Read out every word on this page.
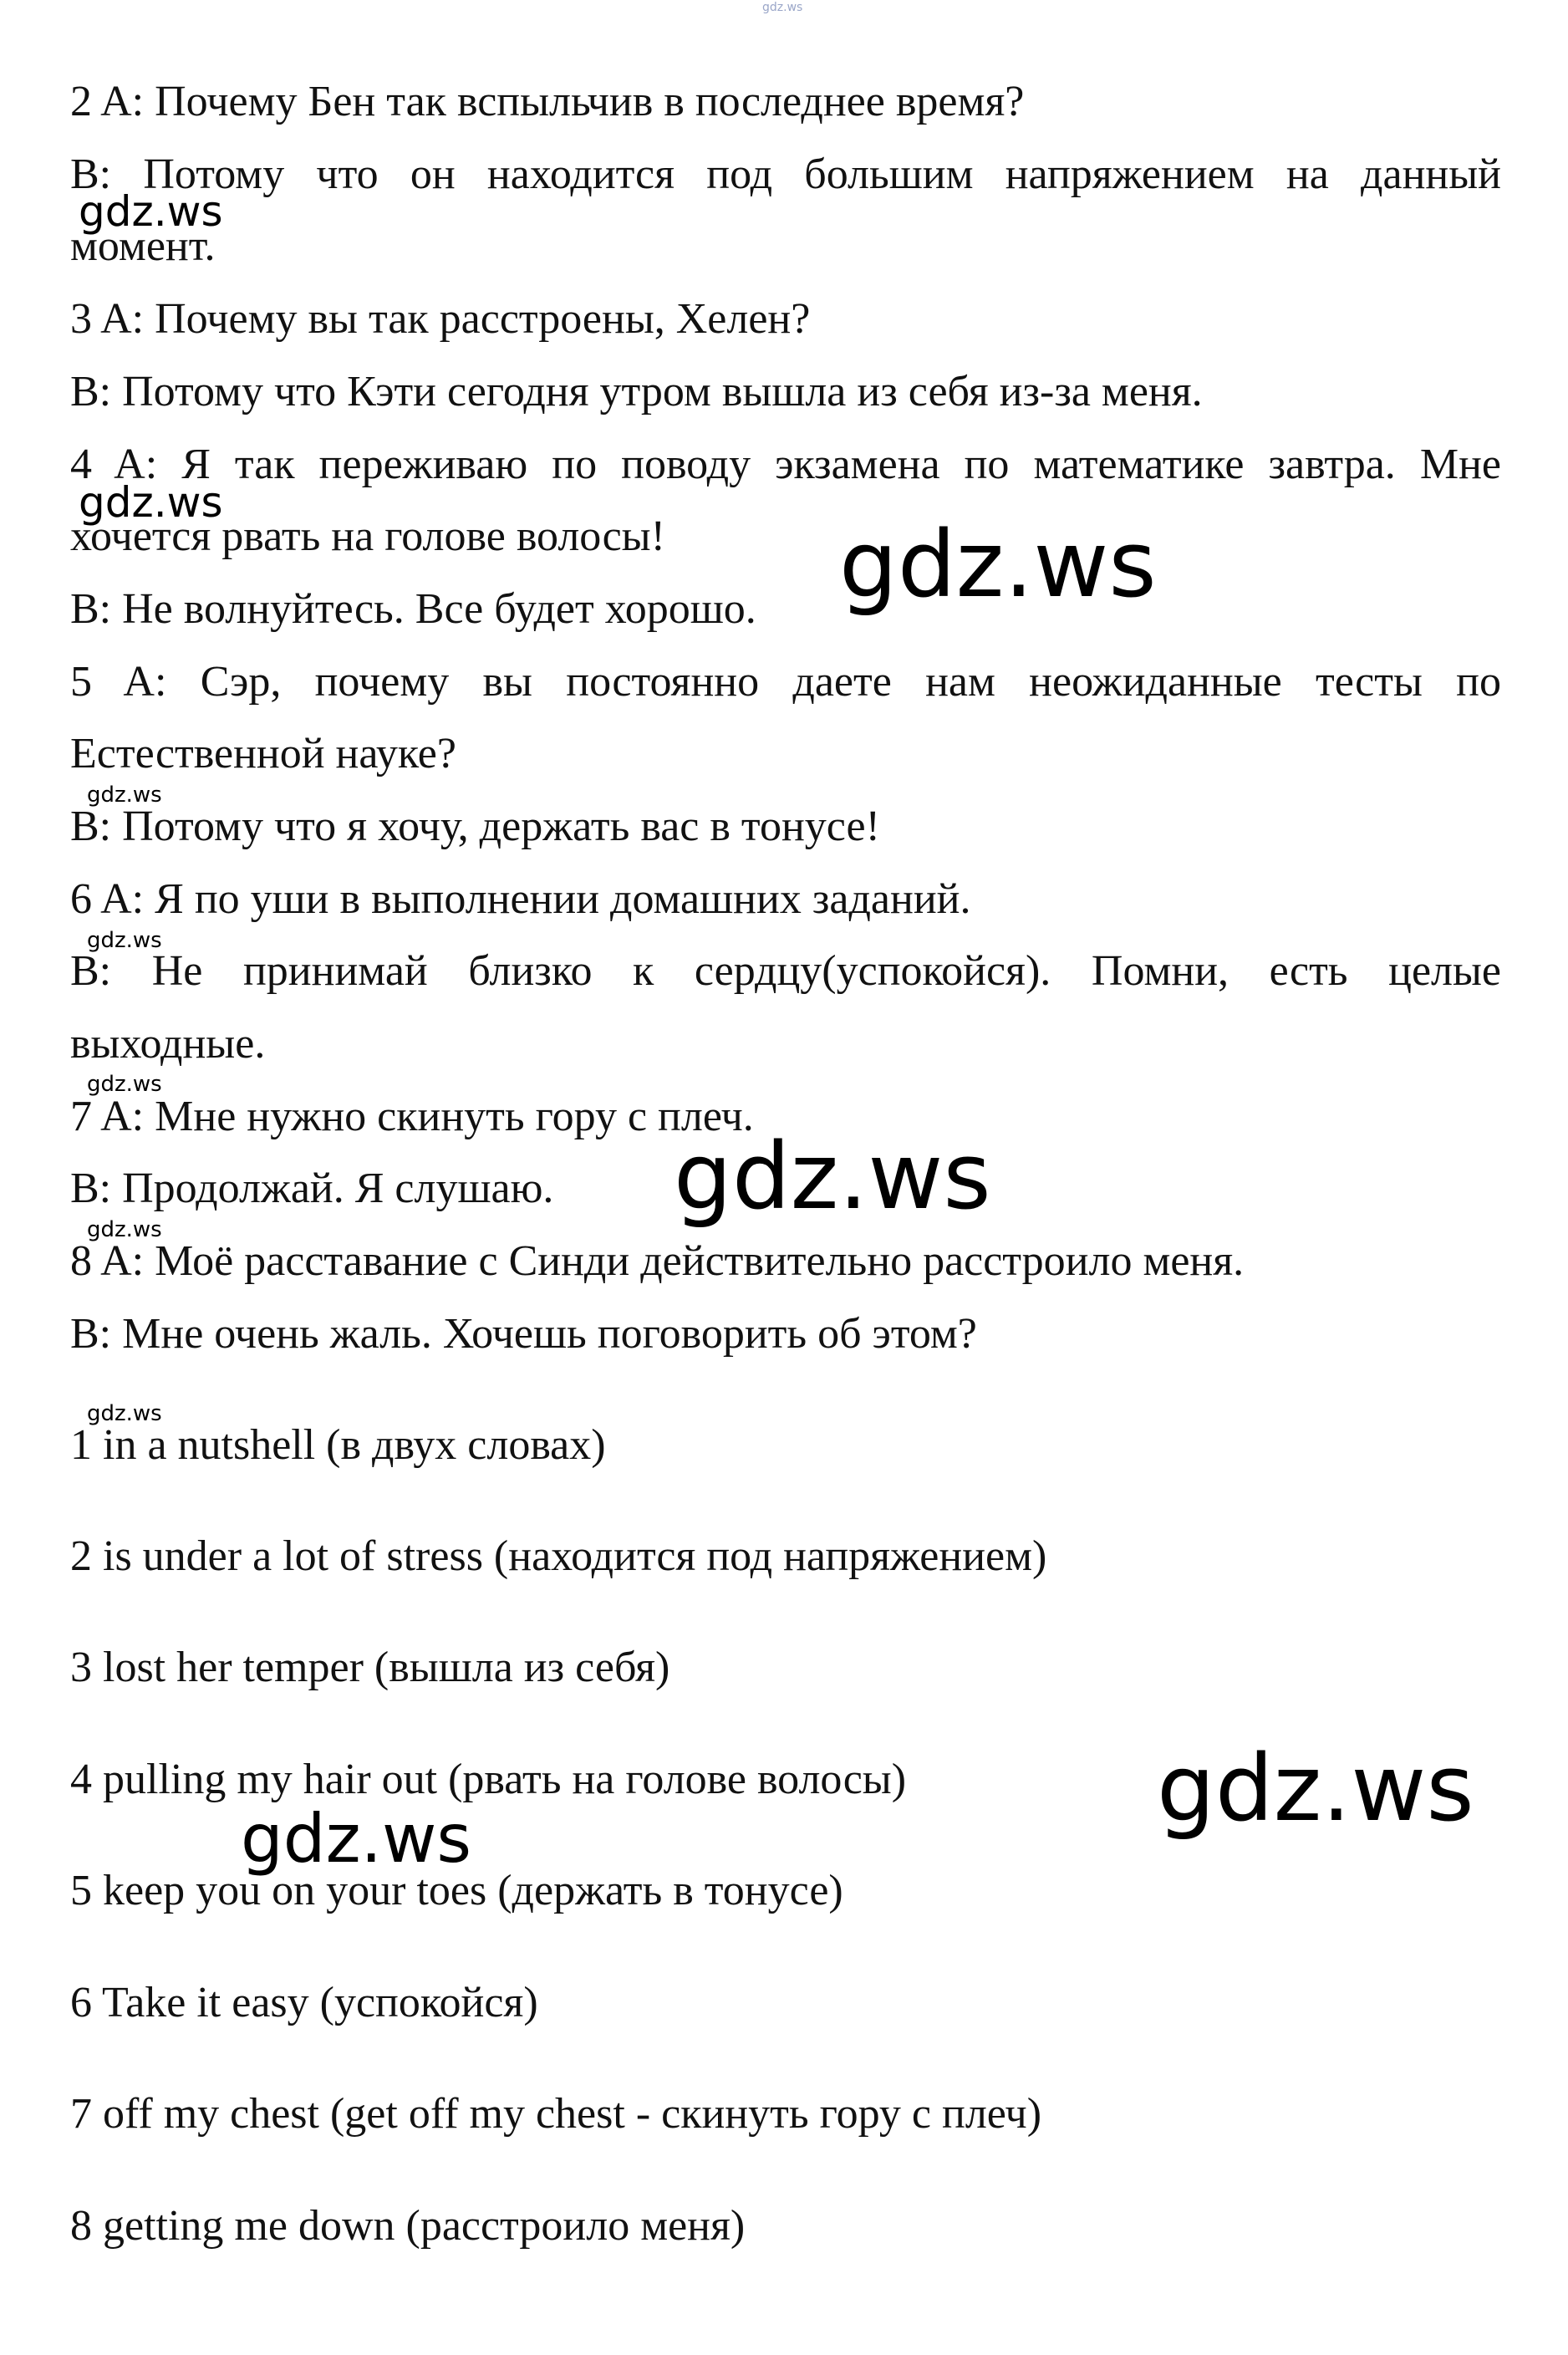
gdz.ws
gdz.ws
gdz.ws
gdz.ws
gdz.ws
gdz.ws
gdz.ws
gdz.ws
gdz.ws
gdz.ws
gdz.ws
gdz.ws
2 A: Почему Бен так вспыльчив в последнее время?
B: Потому что он находится под большим напряжением на данный
момент.
3 A: Почему вы так расстроены, Хелен?
B: Потому что Кэти сегодня утром вышла из себя из-за меня.
4 A: Я так переживаю по поводу экзамена по математике завтра. Мне
хочется рвать на голове волосы!
B: Не волнуйтесь. Все будет хорошо.
5 A: Сэр, почему вы постоянно даете нам неожиданные тесты по
Естественной науке?
B: Потому что я хочу, держать вас в тонусе!
6 A: Я по уши в выполнении домашних заданий.
B: Не принимай близко к сердцу(успокойся). Помни, есть целые
выходные.
7 A: Мне нужно скинуть гору с плеч.
B: Продолжай. Я слушаю.
8 A: Моё расставание с Синди действительно расстроило меня.
B: Мне очень жаль. Хочешь поговорить об этом?
1 in a nutshell (в двух словах)
2 is under a lot of stress (находится под напряжением)
3 lost her temper (вышла из себя)
4 pulling my hair out (рвать на голове волосы)
5 keep you on your toes (держать в тонусе)
6 Take it easy (успокойся)
7 off my chest (get off my chest - скинуть гору с плеч)
8 getting me down (расстроило меня)
